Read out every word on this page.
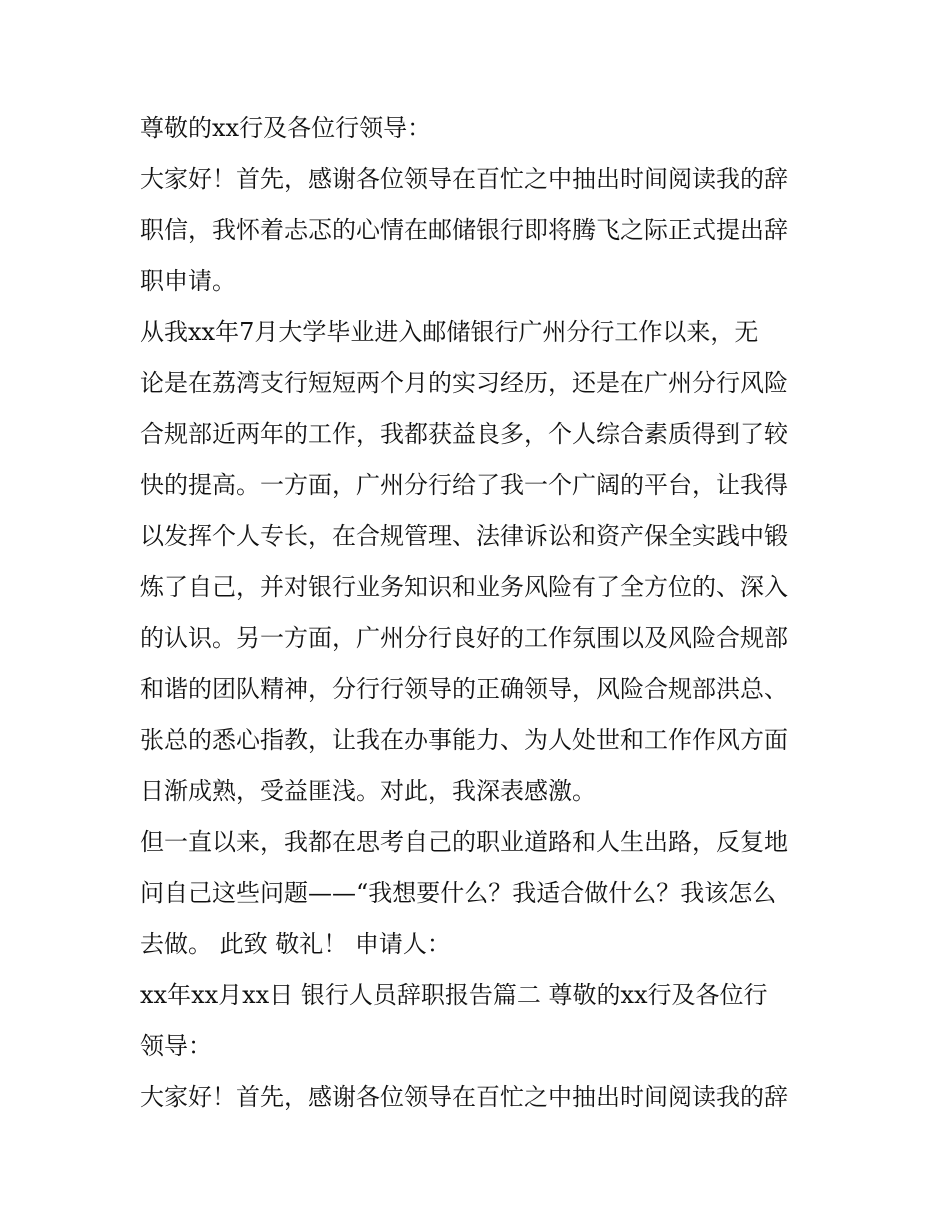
尊敬的xx行及各位行领导：
大家好！首先，感谢各位领导在百忙之中抽出时间阅读我的辞
职信，我怀着忐忑的心情在邮储银行即将腾飞之际正式提出辞
职申请。
从我xx年7月大学毕业进入邮储银行广州分行工作以来，无
论是在荔湾支行短短两个月的实习经历，还是在广州分行风险
合规部近两年的工作，我都获益良多，个人综合素质得到了较
快的提高。一方面，广州分行给了我一个广阔的平台，让我得
以发挥个人专长，在合规管理、法律诉讼和资产保全实践中锻
炼了自己，并对银行业务知识和业务风险有了全方位的、深入
的认识。另一方面，广州分行良好的工作氛围以及风险合规部
和谐的团队精神，分行行领导的正确领导，风险合规部洪总、
张总的悉心指教，让我在办事能力、为人处世和工作作风方面
日渐成熟，受益匪浅。对此，我深表感激。
但一直以来，我都在思考自己的职业道路和人生出路，反复地
问自己这些问题——“我想要什么？我适合做什么？我该怎么
去做。 此致 敬礼！ 申请人：
xx年xx月xx日 银行人员辞职报告篇二 尊敬的xx行及各位行
领导：
大家好！首先，感谢各位领导在百忙之中抽出时间阅读我的辞
